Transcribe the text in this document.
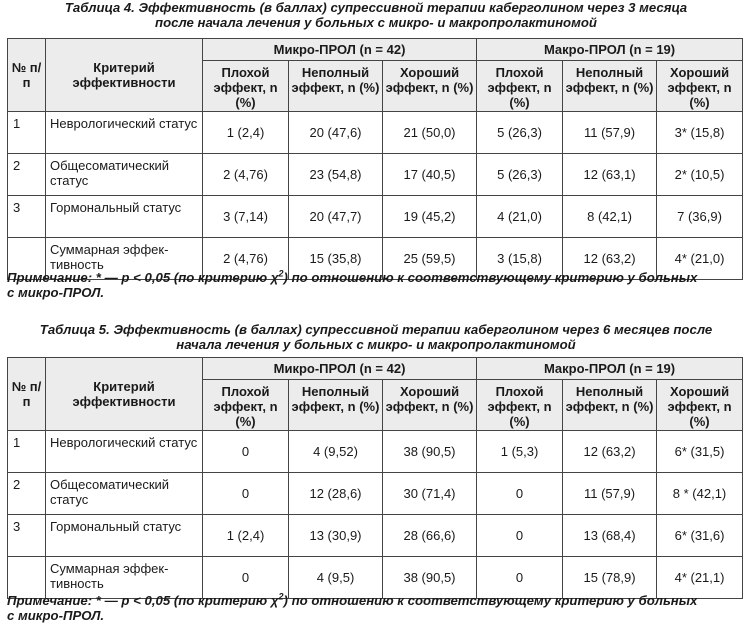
Таблица 4. Эффективность (в баллах) супрессивной терапии каберголином через 3 месяца
после начала лечения у больных с микро- и макропролактиномой
№ п/п	Критерий эффективности	Микро-ПРОЛ (n = 42)			Макро-ПРОЛ (n = 19)		
		Плохой эффект, n (%)	Неполный эффект, n (%)	Хороший эффект, n (%)	Плохой эффект, n (%)	Неполный эффект, n (%)	Хороший эффект, n (%)
1	Неврологический статус	1 (2,4)	20 (47,6)	21 (50,0)	5 (26,3)	11 (57,9)	3* (15,8)
2	Общесоматический статус	2 (4,76)	23 (54,8)	17 (40,5)	5 (26,3)	12 (63,1)	2* (10,5)
3	Гормональный статус	3 (7,14)	20 (47,7)	19 (45,2)	4 (21,0)	8 (42,1)	7 (36,9)
	Суммарная эффек- тивность	2 (4,76)	15 (35,8)	25 (59,5)	3 (15,8)	12 (63,2)	4* (21,0)
Примечание: * — p < 0,05 (по критерию $\chi^2$) по отношению к соответствующему критерию у больных
с микро-ПРОЛ.
Таблица 5. Эффективность (в баллах) супрессивной терапии каберголином через 6 месяцев после
начала лечения у больных с микро- и макропролактиномой
№ п/п	Критерий эффективности	Микро-ПРОЛ (n = 42)			Макро-ПРОЛ (n = 19)		
		Плохой эффект, n (%)	Неполный эффект, n (%)	Хороший эффект, n (%)	Плохой эффект, n (%)	Неполный эффект, n (%)	Хороший эффект, n (%)
1	Неврологический статус	0	4 (9,52)	38 (90,5)	1 (5,3)	12 (63,2)	6* (31,5)
2	Общесоматический статус	0	12 (28,6)	30 (71,4)	0	11 (57,9)	8 * (42,1)
3	Гормональный статус	1 (2,4)	13 (30,9)	28 (66,6)	0	13 (68,4)	6* (31,6)
	Суммарная эффек- тивность	0	4 (9,5)	38 (90,5)	0	15 (78,9)	4* (21,1)
Примечание: * — p < 0,05 (по критерию $\chi^2$) по отношению к соответствующему критерию у больных
с микро-ПРОЛ.
